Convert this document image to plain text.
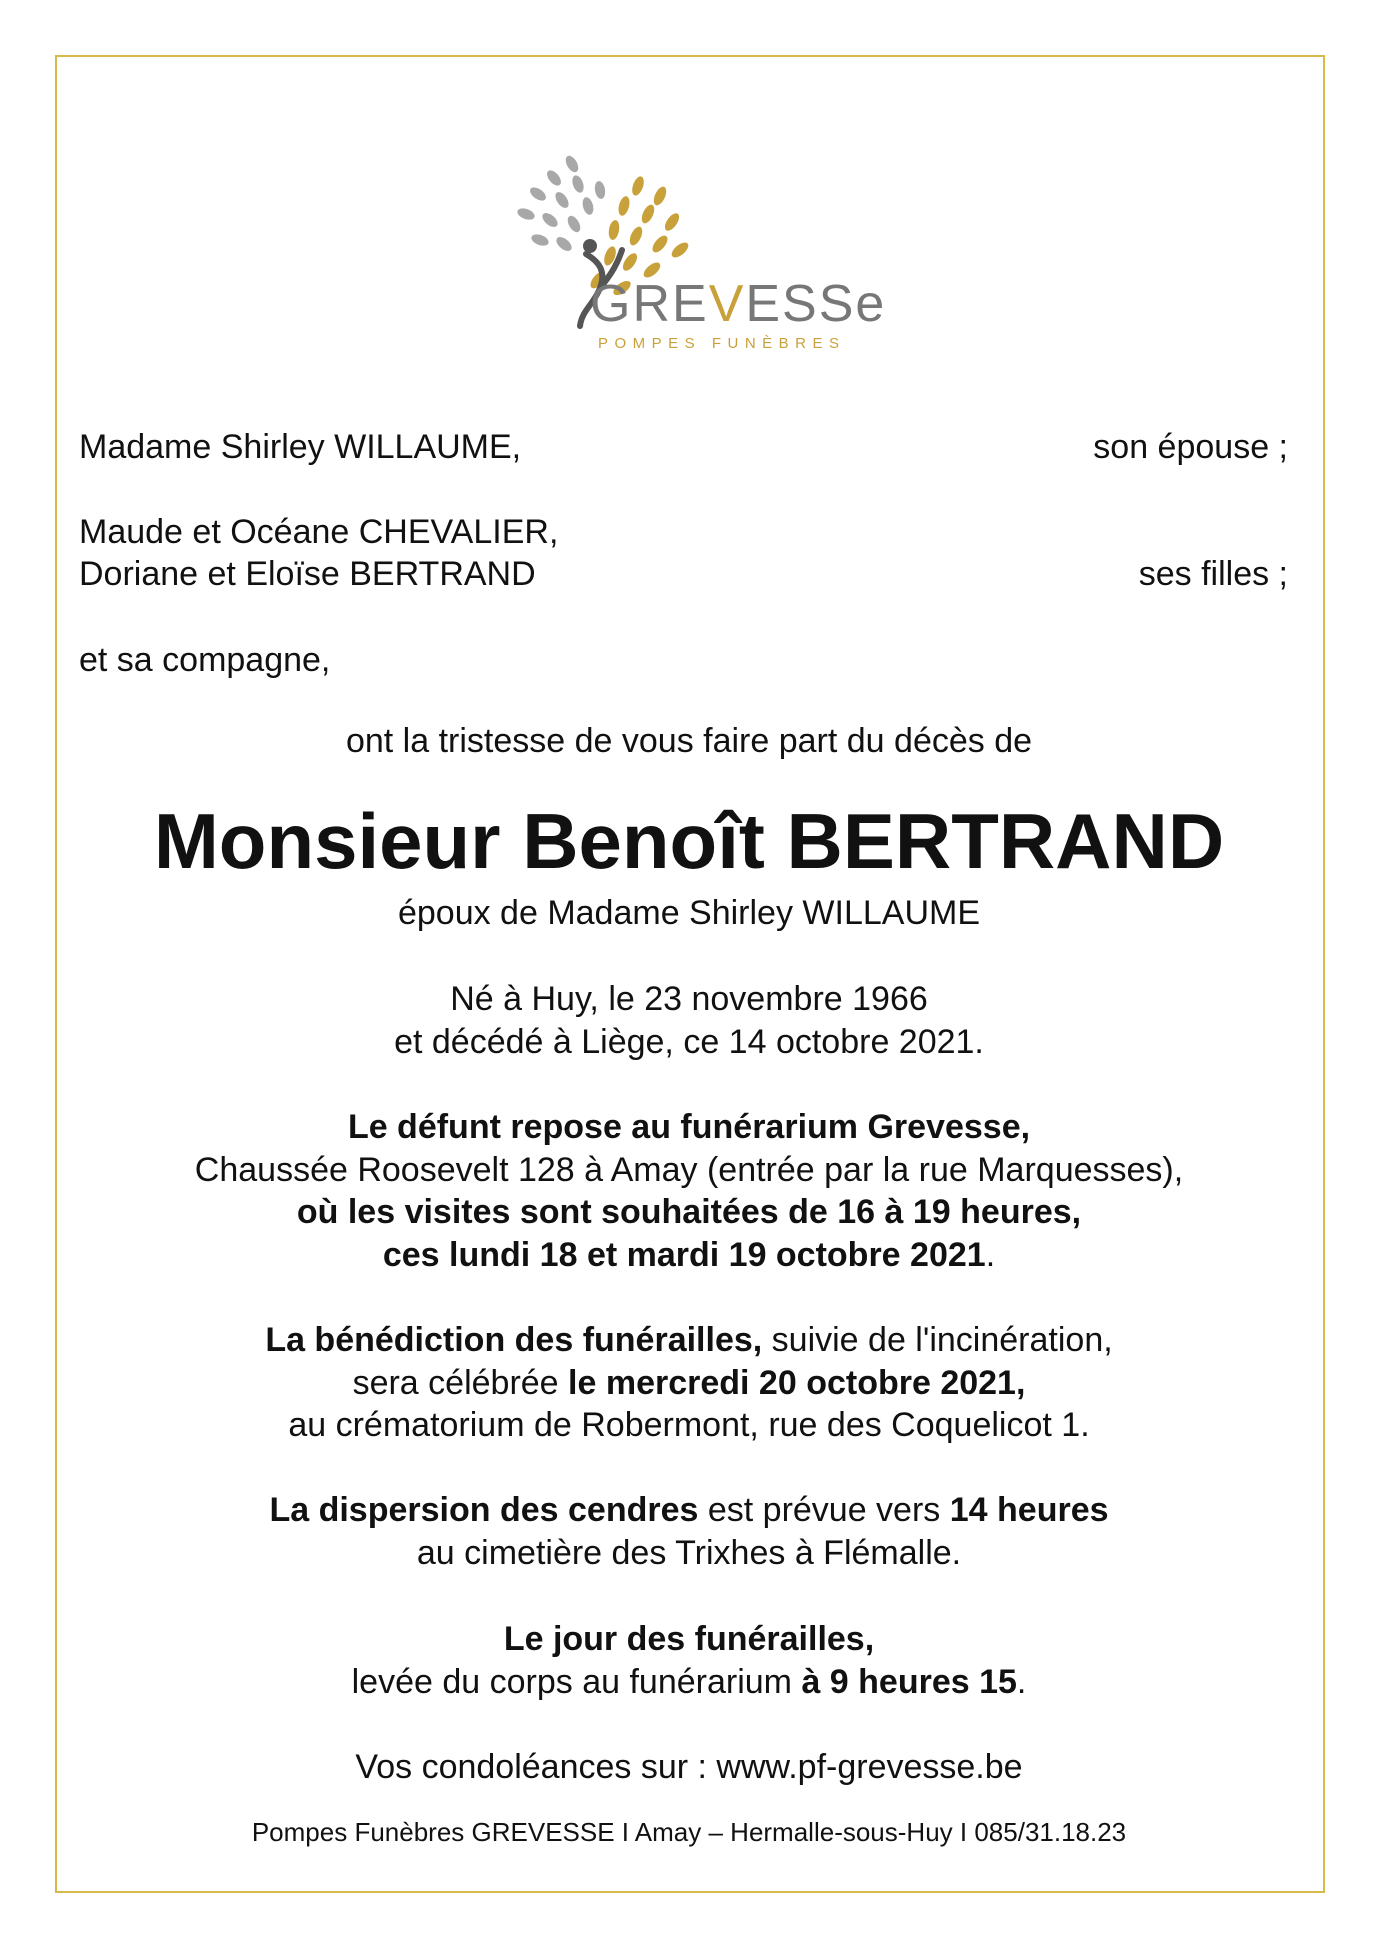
GREVESSe
POMPES FUNÈBRES
Madame Shirley WILLAUME,	son épouse ;
Maude et Océane CHEVALIER,
Doriane et Eloïse BERTRAND	ses filles ;
et sa compagne,
ont la tristesse de vous faire part du décès de
Monsieur Benoît BERTRAND
époux de Madame Shirley WILLAUME
Né à Huy, le 23 novembre 1966
et décédé à Liège, ce 14 octobre 2021.
Le défunt repose au funérarium Grevesse,
Chaussée Roosevelt 128 à Amay (entrée par la rue Marquesses),
où les visites sont souhaitées de 16 à 19 heures,
ces lundi 18 et mardi 19 octobre 2021.
La bénédiction des funérailles, suivie de l'incinération,
sera célébrée le mercredi 20 octobre 2021,
au crématorium de Robermont, rue des Coquelicot 1.
La dispersion des cendres est prévue vers 14 heures
au cimetière des Trixhes à Flémalle.
Le jour des funérailles,
levée du corps au funérarium à 9 heures 15.
Vos condoléances sur : www.pf-grevesse.be
Pompes Funèbres GREVESSE I Amay – Hermalle-sous-Huy I 085/31.18.23
